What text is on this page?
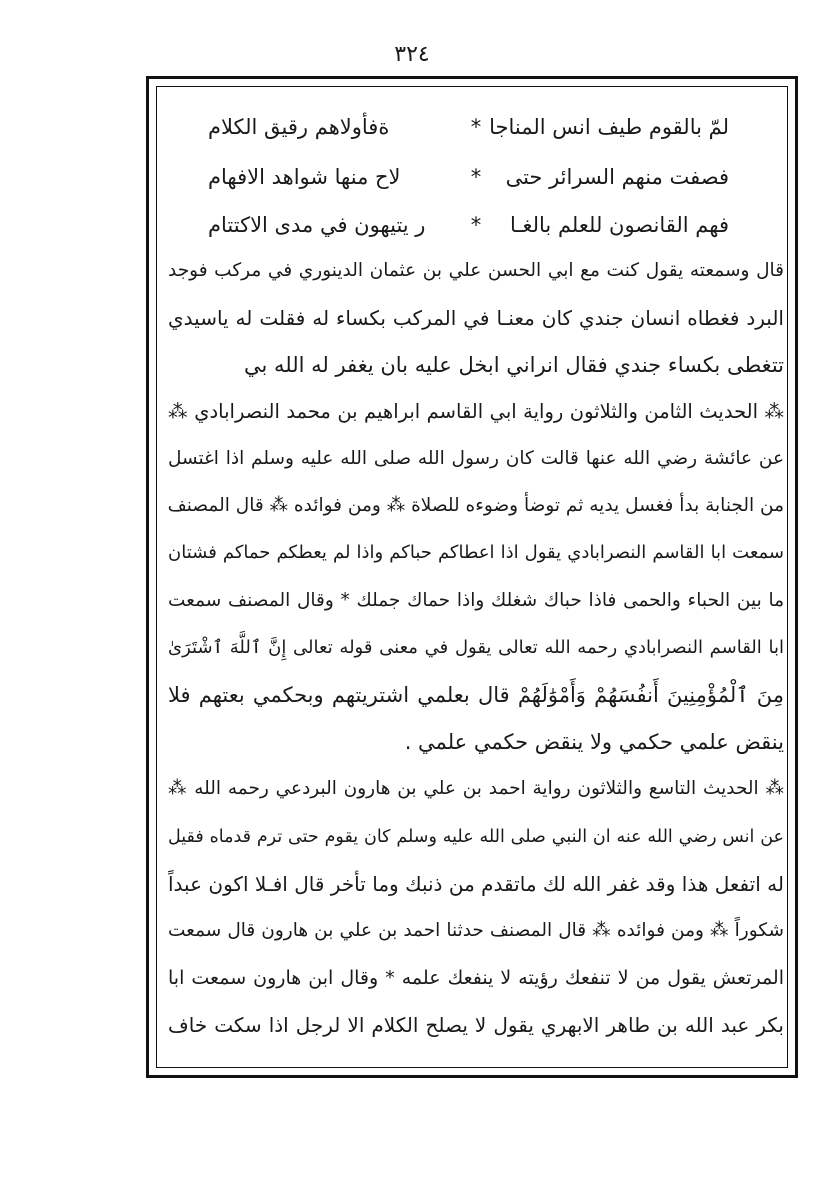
٣٢٤
لمّ بالقوم طيف انس المناجا
*
ةفأولاهم رقيق الكلام
فصفت منهم السرائر حتى
*
لاح منها شواهد الافهام
فهم القانصون للعلم بالغـا
*
ر يتيهون في مدى الاكتتام
قال وسمعته يقول كنت مع ابي الحسن علي بن عثمان الدينوري في مركب فوجد
البرد فغطاه انسان جندي كان معنـا في المركب بكساء له فقلت له ياسيدي
تتغطى بكساء جندي فقال انراني ابخل عليه بان يغفر له الله بي
⁂ الحديث الثامن والثلاثون رواية ابي القاسم ابراهيم بن محمد النصرابادي ⁂
عن عائشة رضي الله عنها قالت كان رسول الله صلى الله عليه وسلم اذا اغتسل
من الجنابة بدأ فغسل يديه ثم توضأ وضوءه للصلاة ⁂ ومن فوائده ⁂ قال المصنف
سمعت ابا القاسم النصرابادي يقول اذا اعطاكم حباكم واذا لم يعطكم حماكم فشتان
ما بين الحباء والحمى فاذا حباك شغلك واذا حماك جملك * وقال المصنف سمعت
ابا القاسم النصرابادي رحمه الله تعالى يقول في معنى قوله تعالى إِنَّ ٱللَّهَ ٱشْتَرَىٰ
مِنَ ٱلْمُؤْمِنِينَ أَنفُسَهُمْ وَأَمْوَٰلَهُمْ قال بعلمي اشتريتهم وبحكمي بعتهم فلا
ينقض علمي حكمي ولا ينقض حكمي علمي .
⁂ الحديث التاسع والثلاثون رواية احمد بن علي بن هارون البردعي رحمه الله ⁂
عن انس رضي الله عنه ان النبي صلى الله عليه وسلم كان يقوم حتى ترم قدماه فقيل
له اتفعل هذا وقد غفر الله لك ماتقدم من ذنبك وما تأخر قال افـلا اكون عبداً
شكوراً ⁂ ومن فوائده ⁂ قال المصنف حدثنا احمد بن علي بن هارون قال سمعت
المرتعش يقول من لا تنفعك رؤيته لا ينفعك علمه * وقال ابن هارون سمعت ابا
بكر عبد الله بن طاهر الابهري يقول لا يصلح الكلام الا لرجل اذا سكت خاف
